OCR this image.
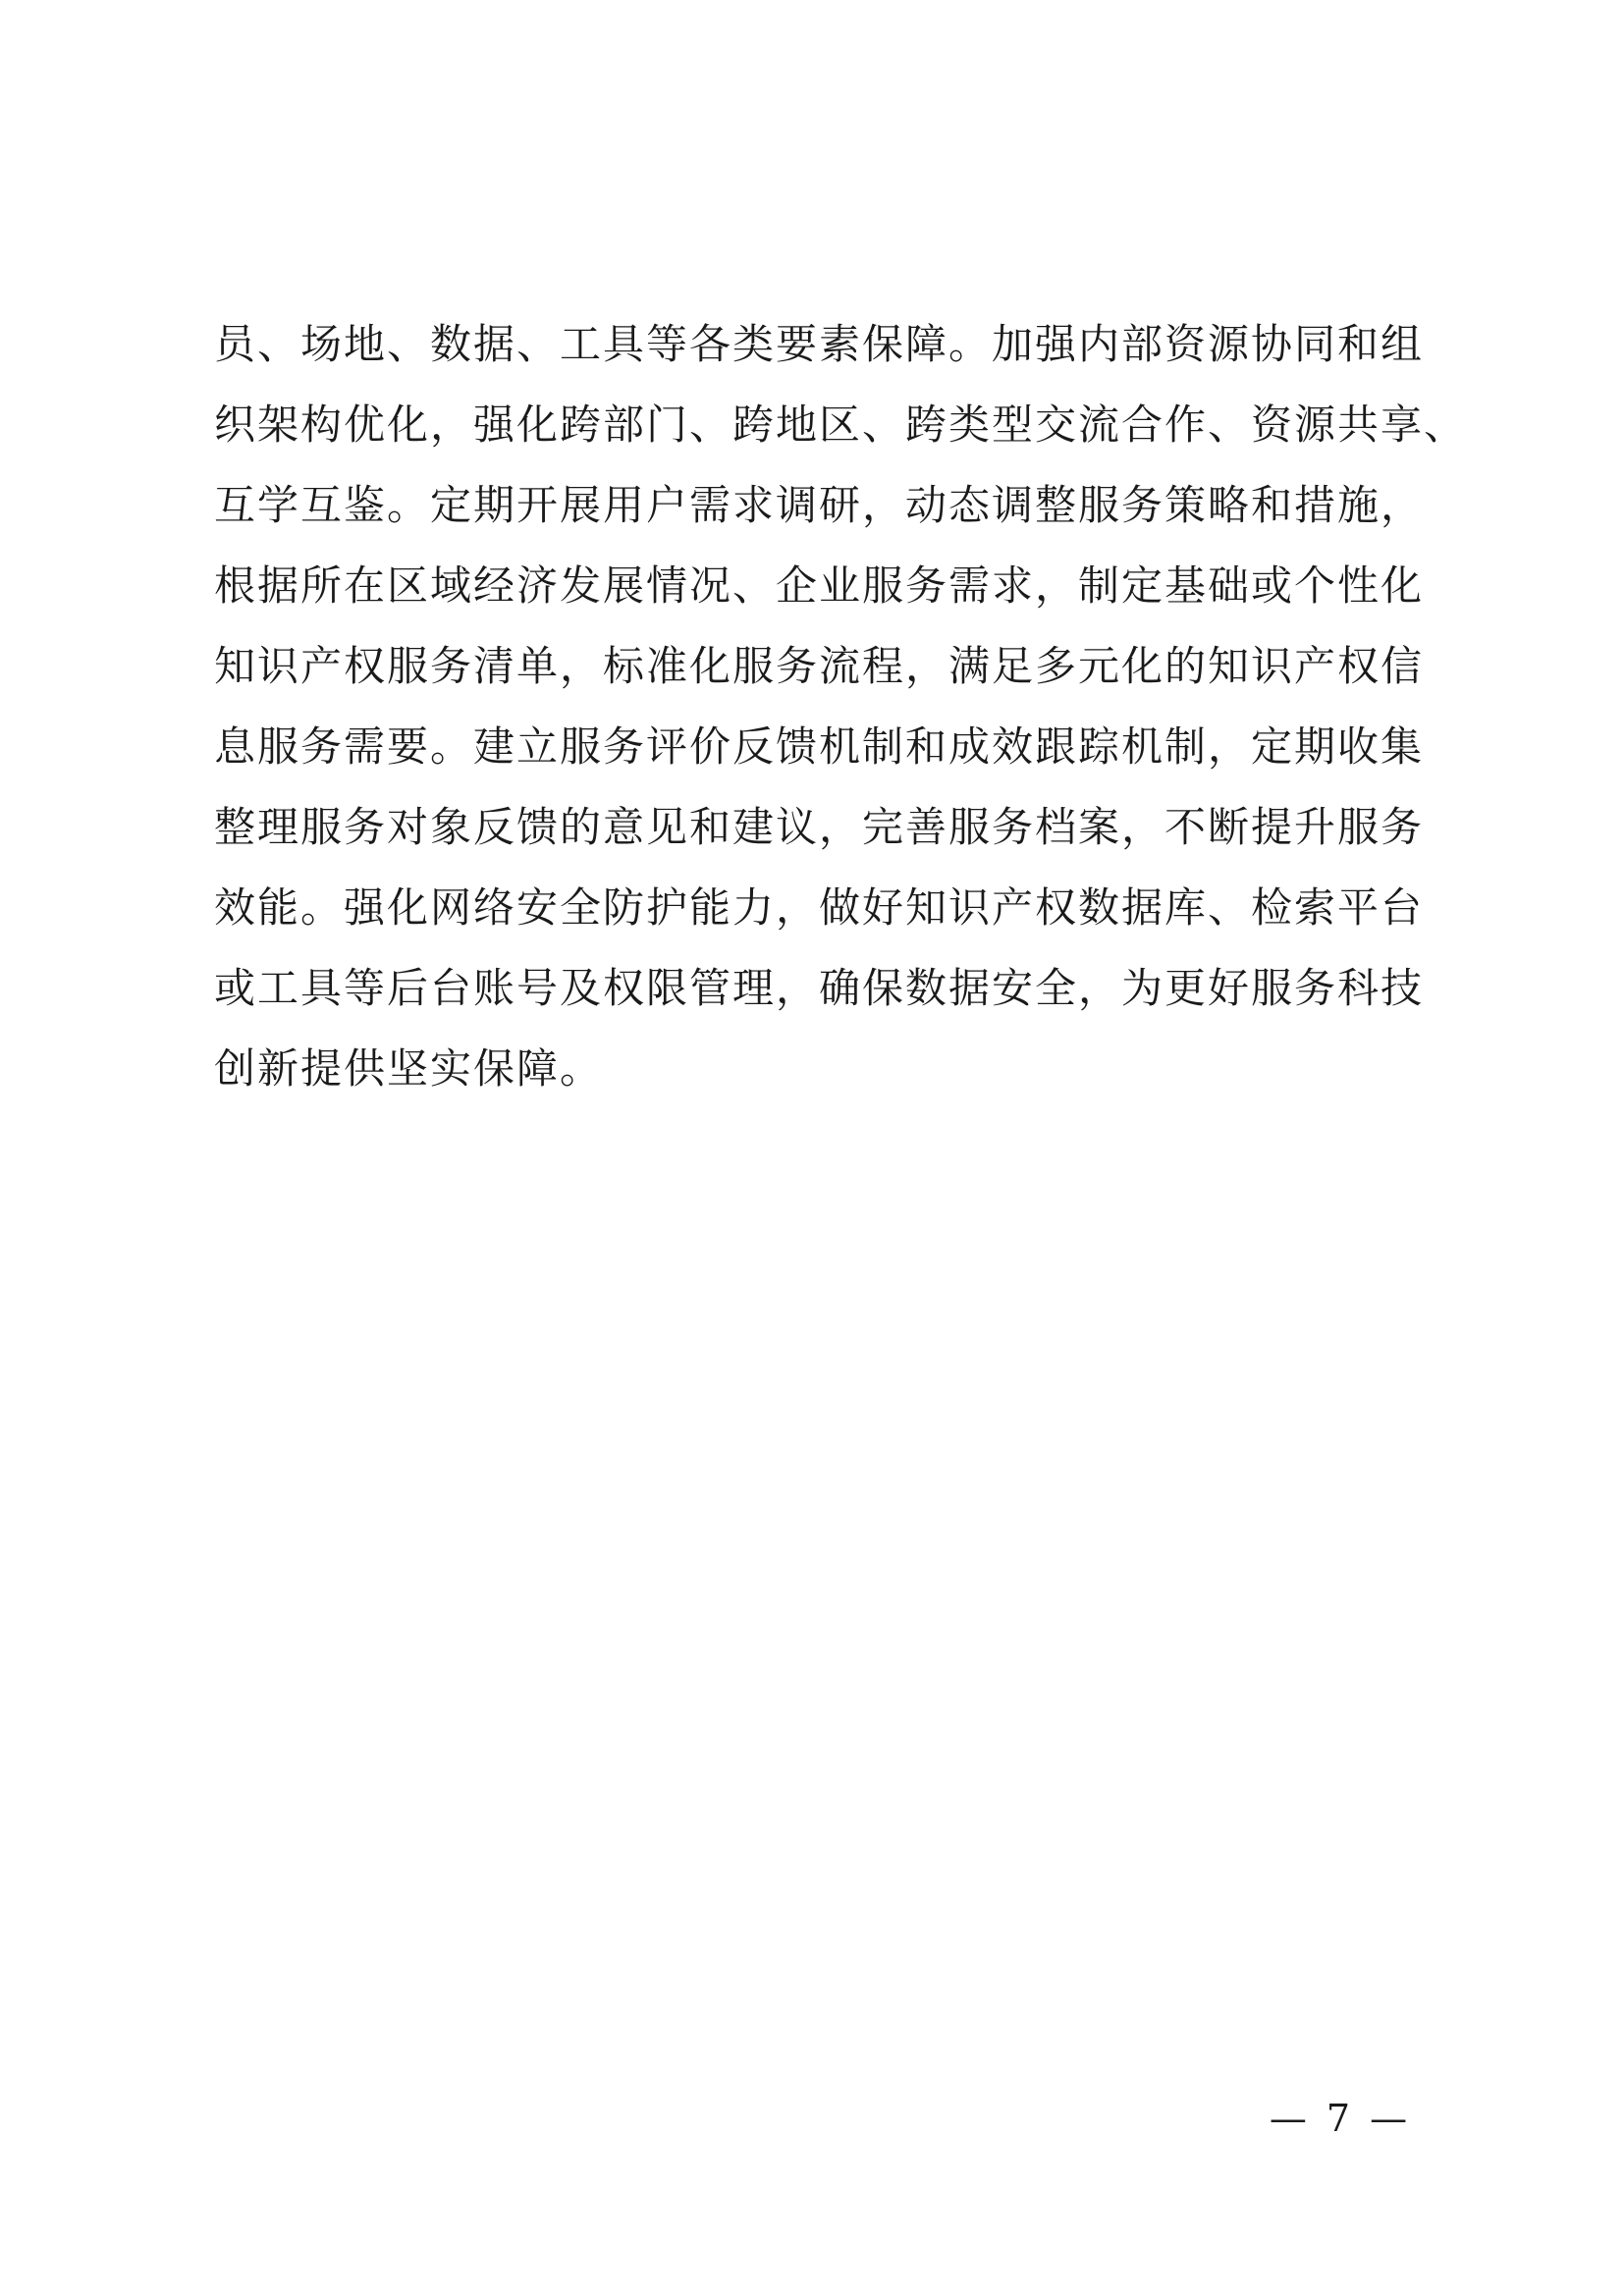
员、场地、数据、工具等各类要素保障。加强内部资源协同和组
织架构优化，强化跨部门、跨地区、跨类型交流合作、资源共享、
互学互鉴。定期开展用户需求调研，动态调整服务策略和措施，
根据所在区域经济发展情况、企业服务需求，制定基础或个性化
知识产权服务清单，标准化服务流程，满足多元化的知识产权信
息服务需要。建立服务评价反馈机制和成效跟踪机制，定期收集
整理服务对象反馈的意见和建议，完善服务档案，不断提升服务
效能。强化网络安全防护能力，做好知识产权数据库、检索平台
或工具等后台账号及权限管理，确保数据安全，为更好服务科技
创新提供坚实保障。
— 7 —
